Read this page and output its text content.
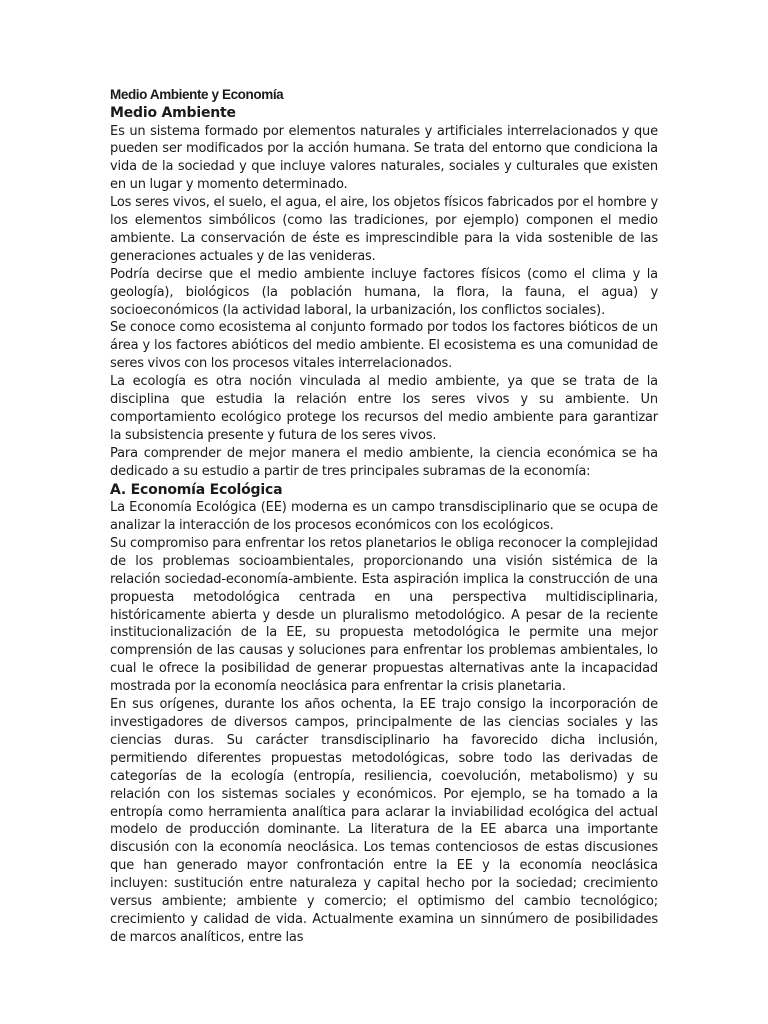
Medio Ambiente y Economía
Medio Ambiente

Es un sistema formado por elementos naturales y artificiales interrelacionados y que pueden ser modificados por la acción humana. Se trata del entorno que condiciona la vida de la sociedad y que incluye valores naturales, sociales y culturales que existen en un lugar y momento determinado.

Los seres vivos, el suelo, el agua, el aire, los objetos físicos fabricados por el hombre y los elementos simbólicos (como las tradiciones, por ejemplo) componen el medio ambiente. La conservación de éste es imprescindible para la vida sostenible de las generaciones actuales y de las venideras.

Podría decirse que el medio ambiente incluye factores físicos (como el clima y la geología), biológicos (la población humana, la flora, la fauna, el agua) y socioeconómicos (la actividad laboral, la urbanización, los conflictos sociales).

Se conoce como ecosistema al conjunto formado por todos los factores bióticos de un área y los factores abióticos del medio ambiente. El ecosistema es una comunidad de seres vivos con los procesos vitales interrelacionados.

La ecología es otra noción vinculada al medio ambiente, ya que se trata de la disciplina que estudia la relación entre los seres vivos y su ambiente. Un comportamiento ecológico protege los recursos del medio ambiente para garantizar la subsistencia presente y futura de los seres vivos.

Para comprender de mejor manera el medio ambiente, la ciencia económica se ha dedicado a su estudio a partir de tres principales subramas de la economía:

A. Economía Ecológica

La Economía Ecológica (EE) moderna es un campo transdisciplinario que se ocupa de analizar la interacción de los procesos económicos con los ecológicos.

Su compromiso para enfrentar los retos planetarios le obliga reconocer la complejidad de los problemas socioambientales, proporcionando una visión sistémica de la relación sociedad-economía-ambiente. Esta aspiración implica la construcción de una propuesta metodológica centrada en una perspectiva multidisciplinaria, históricamente abierta y desde un pluralismo metodológico. A pesar de la reciente institucionalización de la EE, su propuesta metodológica le permite una mejor comprensión de las causas y soluciones para enfrentar los problemas ambientales, lo cual le ofrece la posibilidad de generar propuestas alternativas ante la incapacidad mostrada por la economía neoclásica para enfrentar la crisis planetaria.

En sus orígenes, durante los años ochenta, la EE trajo consigo la incorporación de investigadores de diversos campos, principalmente de las ciencias sociales y las ciencias duras. Su carácter transdisciplinario ha favorecido dicha inclusión, permitiendo diferentes propuestas metodológicas, sobre todo las derivadas de categorías de la ecología (entropía, resiliencia, coevolución, metabolismo) y su relación con los sistemas sociales y económicos. Por ejemplo, se ha tomado a la entropía como herramienta analítica para aclarar la inviabilidad ecológica del actual modelo de producción dominante. La literatura de la EE abarca una importante discusión con la economía neoclásica. Los temas contenciosos de estas discusiones que han generado mayor confrontación entre la EE y la economía neoclásica incluyen: sustitución entre naturaleza y capital hecho por la sociedad; crecimiento versus ambiente; ambiente y comercio; el optimismo del cambio tecnológico; crecimiento y calidad de vida. Actualmente examina un sinnúmero de posibilidades de marcos analíticos, entre las
